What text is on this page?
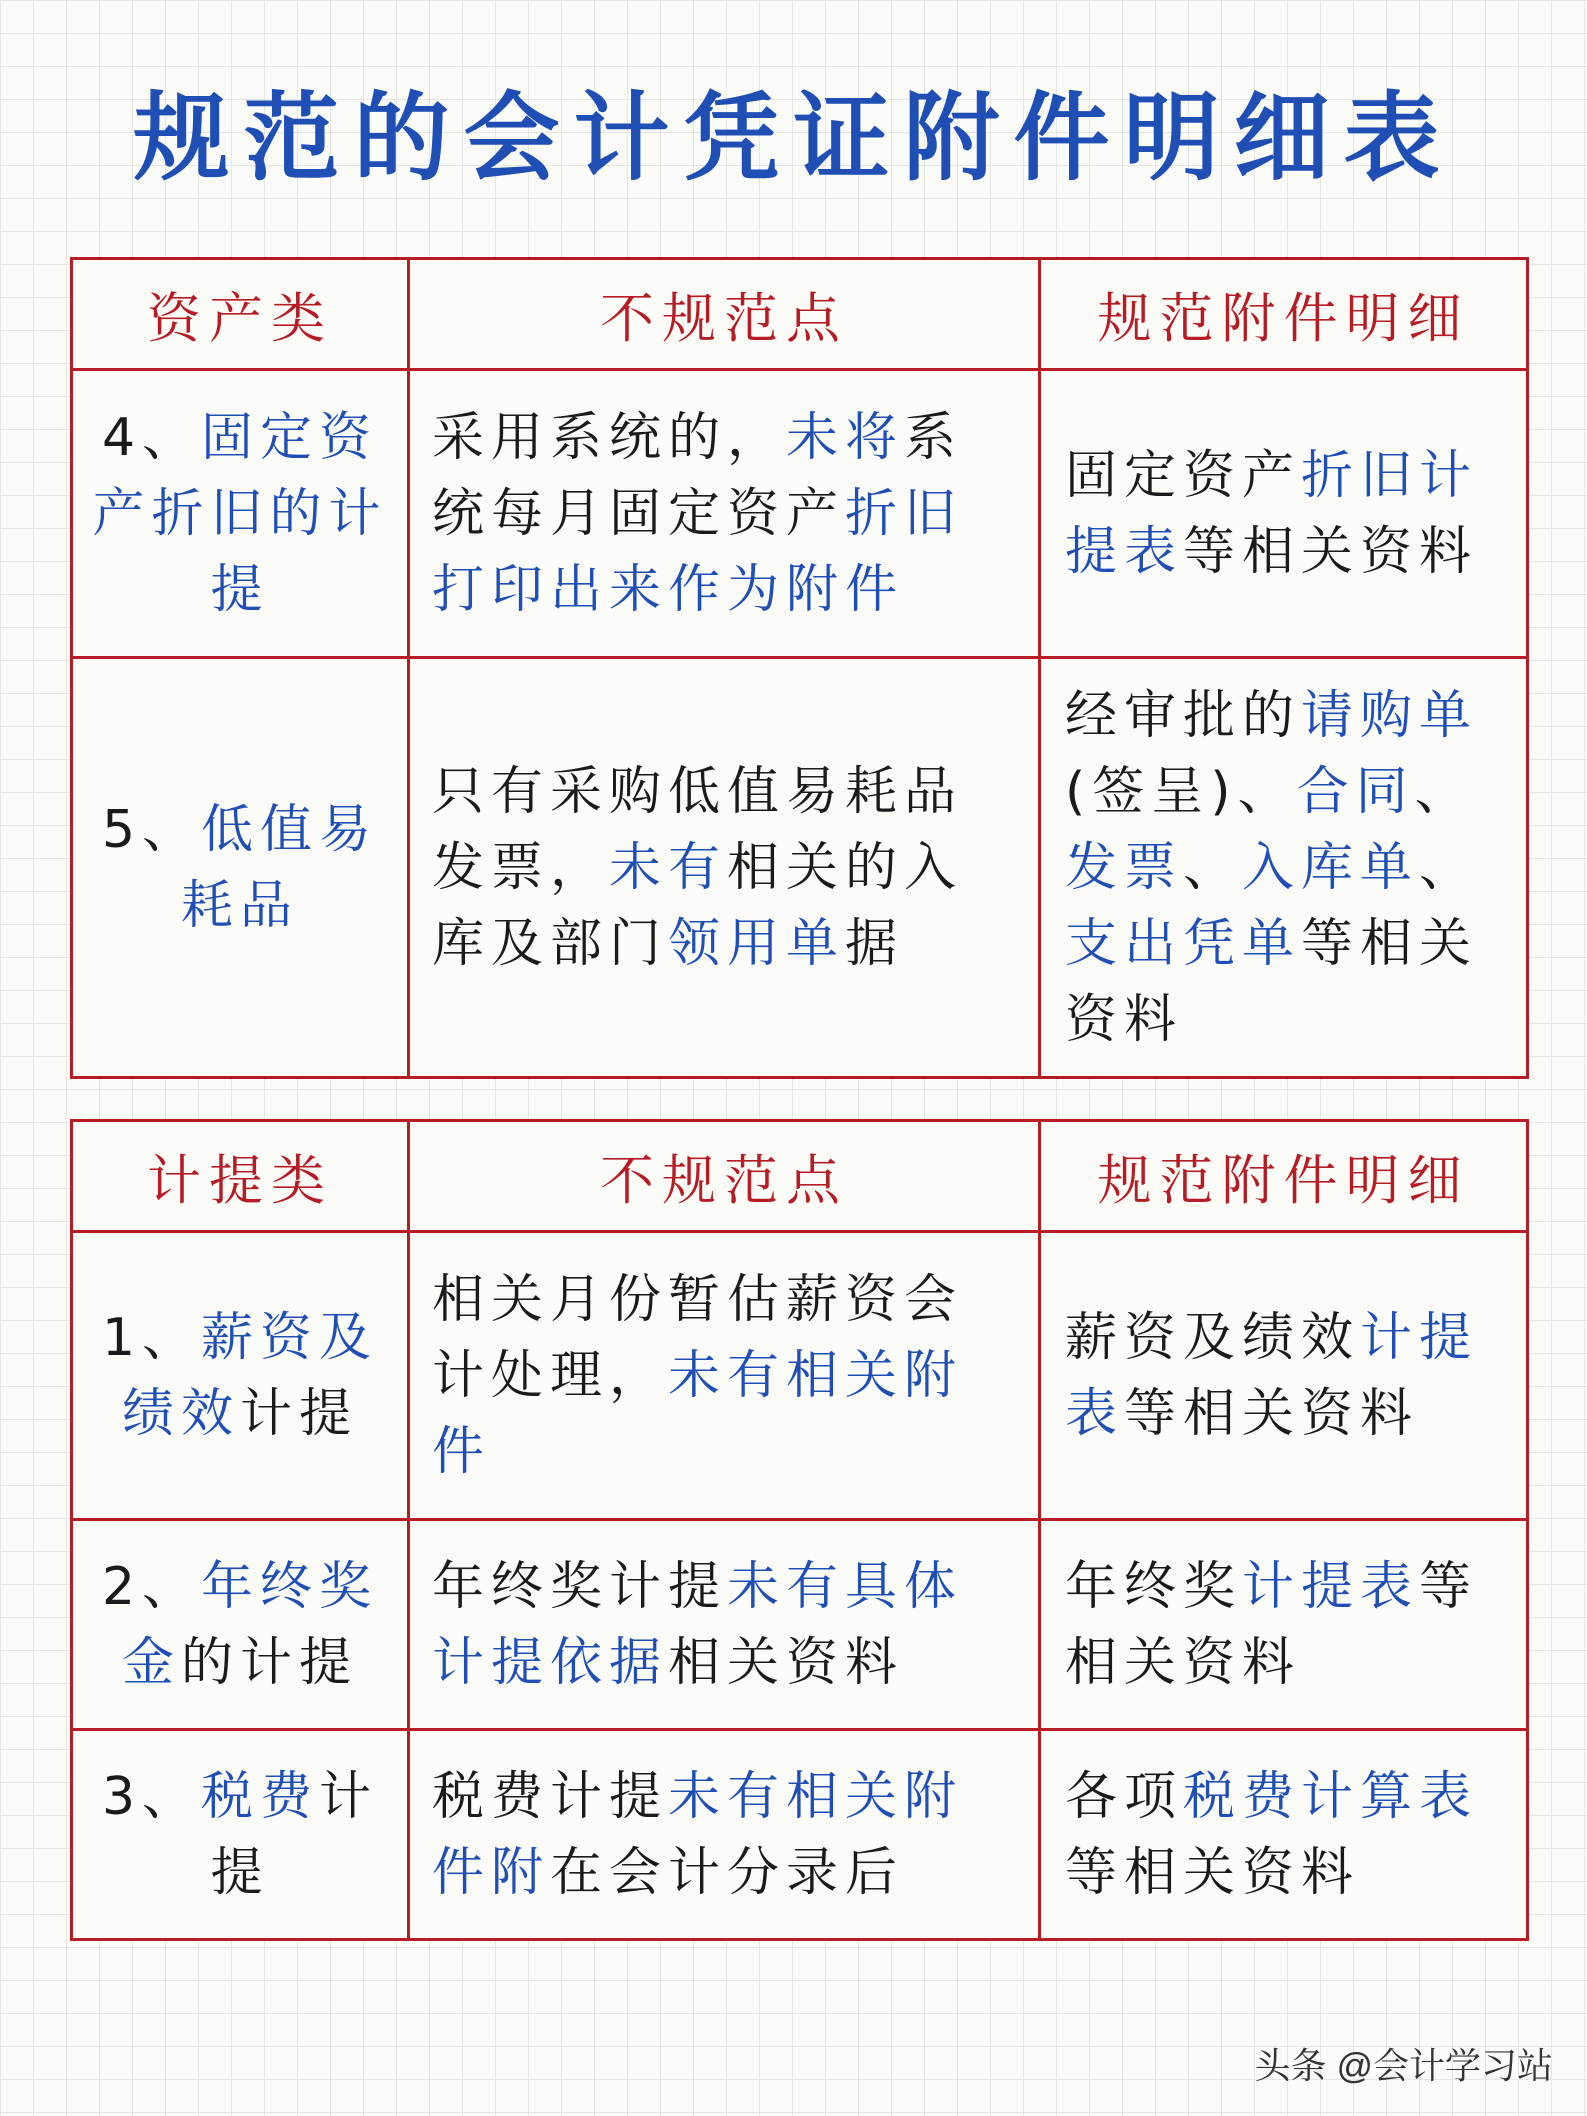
规范的会计凭证附件明细表
资产类	不规范点	规范附件明细
4、固定资产折旧的计提	采用系统的，未将系统每月固定资产折旧打印出来作为附件	固定资产折旧计提表等相关资料
5、低值易耗品	只有采购低值易耗品发票，未有相关的入库及部门领用单据	经审批的请购单(签呈)、合同、发票、入库单、支出凭单等相关资料
计提类	不规范点	规范附件明细
1、薪资及绩效计提	相关月份暂估薪资会计处理，未有相关附件	薪资及绩效计提表等相关资料
2、年终奖金的计提	年终奖计提未有具体计提依据相关资料	年终奖计提表等相关资料
3、税费计提	税费计提未有相关附件附在会计分录后	各项税费计算表等相关资料
头条 @会计学习站
